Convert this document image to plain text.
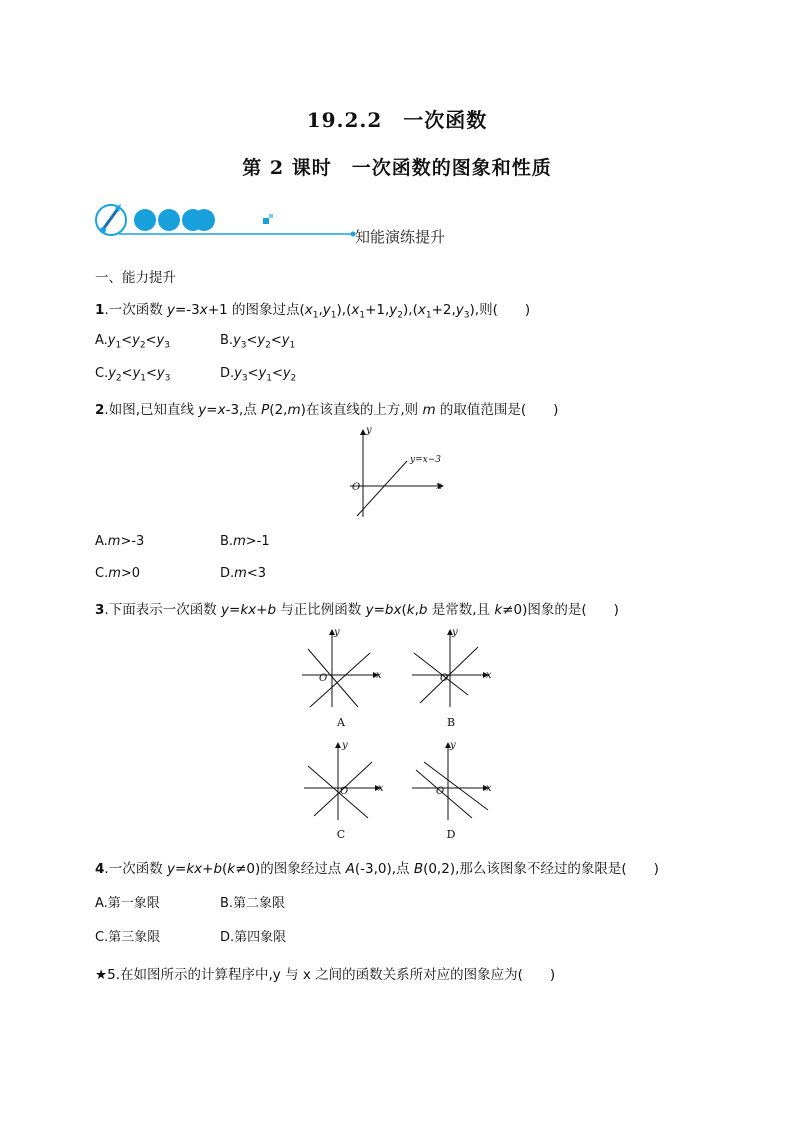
19.2.2　一次函数
第 2 课时　一次函数的图象和性质
知能演练提升
一、能力提升
1.一次函数 y=-3x+1 的图象过点$(x_1,y_1),(x_1+1,y_2),(x_1+2,y_3)$,则(　　)
$A.y_1<y_2<y_3$	$B.y_3<y_2<y_1$
$C.y_2<y_1<y_3$	$D.y_3<y_1<y_2$
2.如图,已知直线 y=x-3,点 P(2,m)在该直线的上方,则 m 的取值范围是(　　)
y
x
O
y=x−3
A.m>-3	B.m>-1
C.m>0	D.m<3
3.下面表示一次函数 y=kx+b 与正比例函数 y=bx(k,b 是常数,且 k≠0)图象的是(　　)
y
x
O
A
y
x
O
B
y
x
O
C
y
x
O
D
4.一次函数 y=kx+b(k≠0)的图象经过点 A(-3,0),点 B(0,2),那么该图象不经过的象限是(　　)
A.第一象限	B.第二象限
C.第三象限	D.第四象限
★5.在如图所示的计算程序中,y 与 x 之间的函数关系所对应的图象应为(　　)
